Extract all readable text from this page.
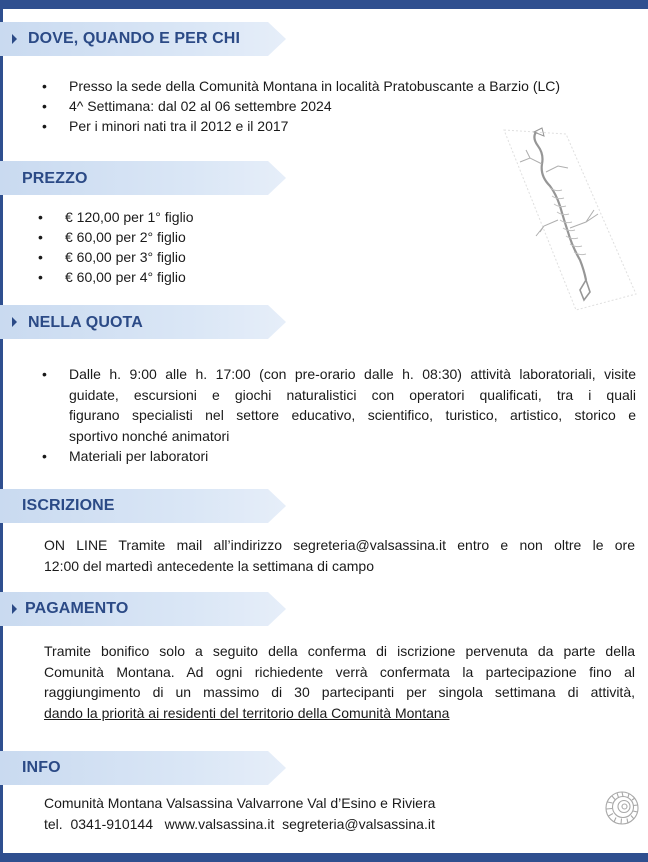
DOVE, QUANDO E PER CHI
• Presso la sede della Comunità Montana in località Pratobuscante a Barzio (LC)
• 4^ Settimana: dal 02 al 06 settembre 2024
• Per i minori nati tra il 2012 e il 2017
PREZZO
• € 120,00 per 1° figlio
• € 60,00 per 2° figlio
• € 60,00 per 3° figlio
• € 60,00 per 4° figlio
NELLA QUOTA
• Dalle h. 9:00 alle h. 17:00 (con pre-orario dalle h. 08:30) attività laboratoriali, visite
guidate, escursioni e giochi naturalistici con operatori qualificati, tra i quali
figurano specialisti nel settore educativo, scientifico, turistico, artistico, storico e
sportivo nonché animatori
• Materiali per laboratori
ISCRIZIONE
ON LINE Tramite mail all’indirizzo segreteria@valsassina.it entro e non oltre le ore
12:00 del martedì antecedente la settimana di campo
PAGAMENTO
Tramite bonifico solo a seguito della conferma di iscrizione pervenuta da parte della
Comunità Montana. Ad ogni richiedente verrà confermata la partecipazione fino al
raggiungimento di un massimo di 30 partecipanti per singola settimana di attività,
dando la priorità ai residenti del territorio della Comunità Montana
INFO
Comunità Montana Valsassina Valvarrone Val d’Esino e Riviera
tel.  0341-910144 www.valsassina.it segreteria@valsassina.it
